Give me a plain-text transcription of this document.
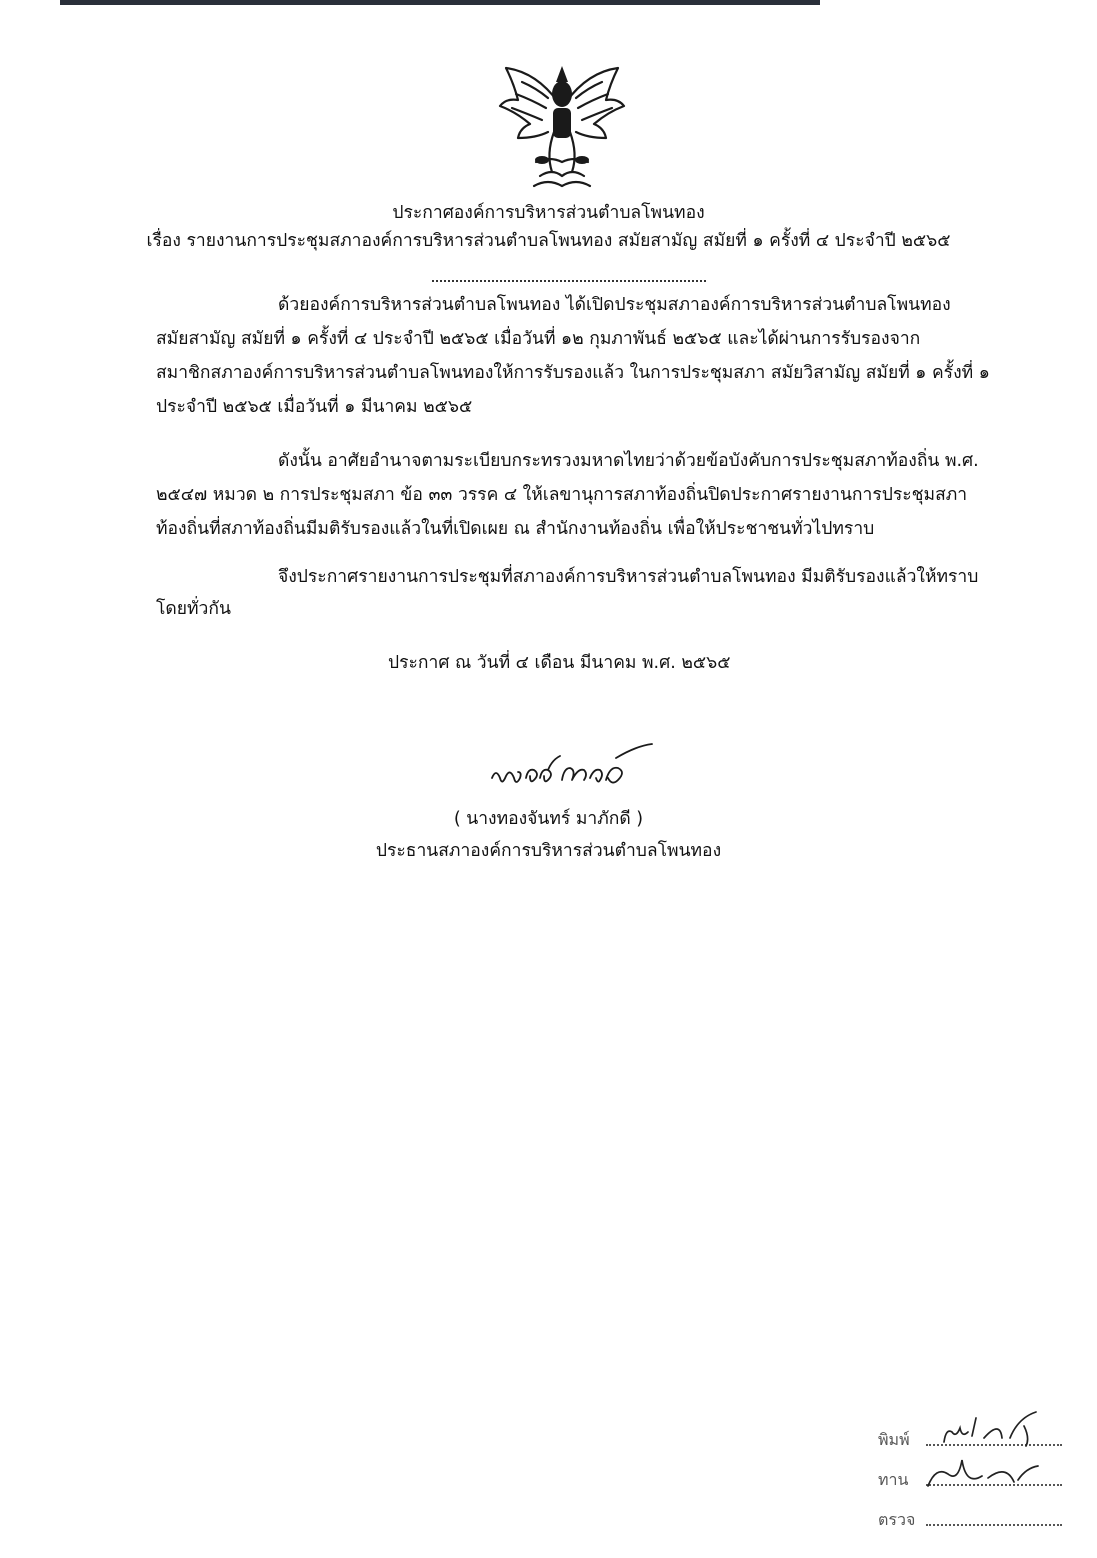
ประกาศองค์การบริหารส่วนตำบลโพนทอง
เรื่อง รายงานการประชุมสภาองค์การบริหารส่วนตำบลโพนทอง สมัยสามัญ สมัยที่ ๑ ครั้งที่ ๔ ประจำปี ๒๕๖๕
ด้วยองค์การบริหารส่วนตำบลโพนทอง ได้เปิดประชุมสภาองค์การบริหารส่วนตำบลโพนทอง
สมัยสามัญ สมัยที่ ๑ ครั้งที่ ๔ ประจำปี ๒๕๖๕ เมื่อวันที่ ๑๒ กุมภาพันธ์ ๒๕๖๕ และได้ผ่านการรับรองจาก
สมาชิกสภาองค์การบริหารส่วนตำบลโพนทองให้การรับรองแล้ว ในการประชุมสภา สมัยวิสามัญ สมัยที่ ๑ ครั้งที่ ๑
ประจำปี ๒๕๖๕ เมื่อวันที่ ๑ มีนาคม ๒๕๖๕
ดังนั้น อาศัยอำนาจตามระเบียบกระทรวงมหาดไทยว่าด้วยข้อบังคับการประชุมสภาท้องถิ่น พ.ศ.
๒๕๔๗ หมวด ๒ การประชุมสภา ข้อ ๓๓ วรรค ๔ ให้เลขานุการสภาท้องถิ่นปิดประกาศรายงานการประชุมสภา
ท้องถิ่นที่สภาท้องถิ่นมีมติรับรองแล้วในที่เปิดเผย ณ สำนักงานท้องถิ่น เพื่อให้ประชาชนทั่วไปทราบ
จึงประกาศรายงานการประชุมที่สภาองค์การบริหารส่วนตำบลโพนทอง มีมติรับรองแล้วให้ทราบ
โดยทั่วกัน
ประกาศ ณ วันที่ ๔ เดือน มีนาคม พ.ศ. ๒๕๖๕
( นางทองจันทร์ มาภักดี )
ประธานสภาองค์การบริหารส่วนตำบลโพนทอง
พิมพ์
ทาน
ตรวจ
